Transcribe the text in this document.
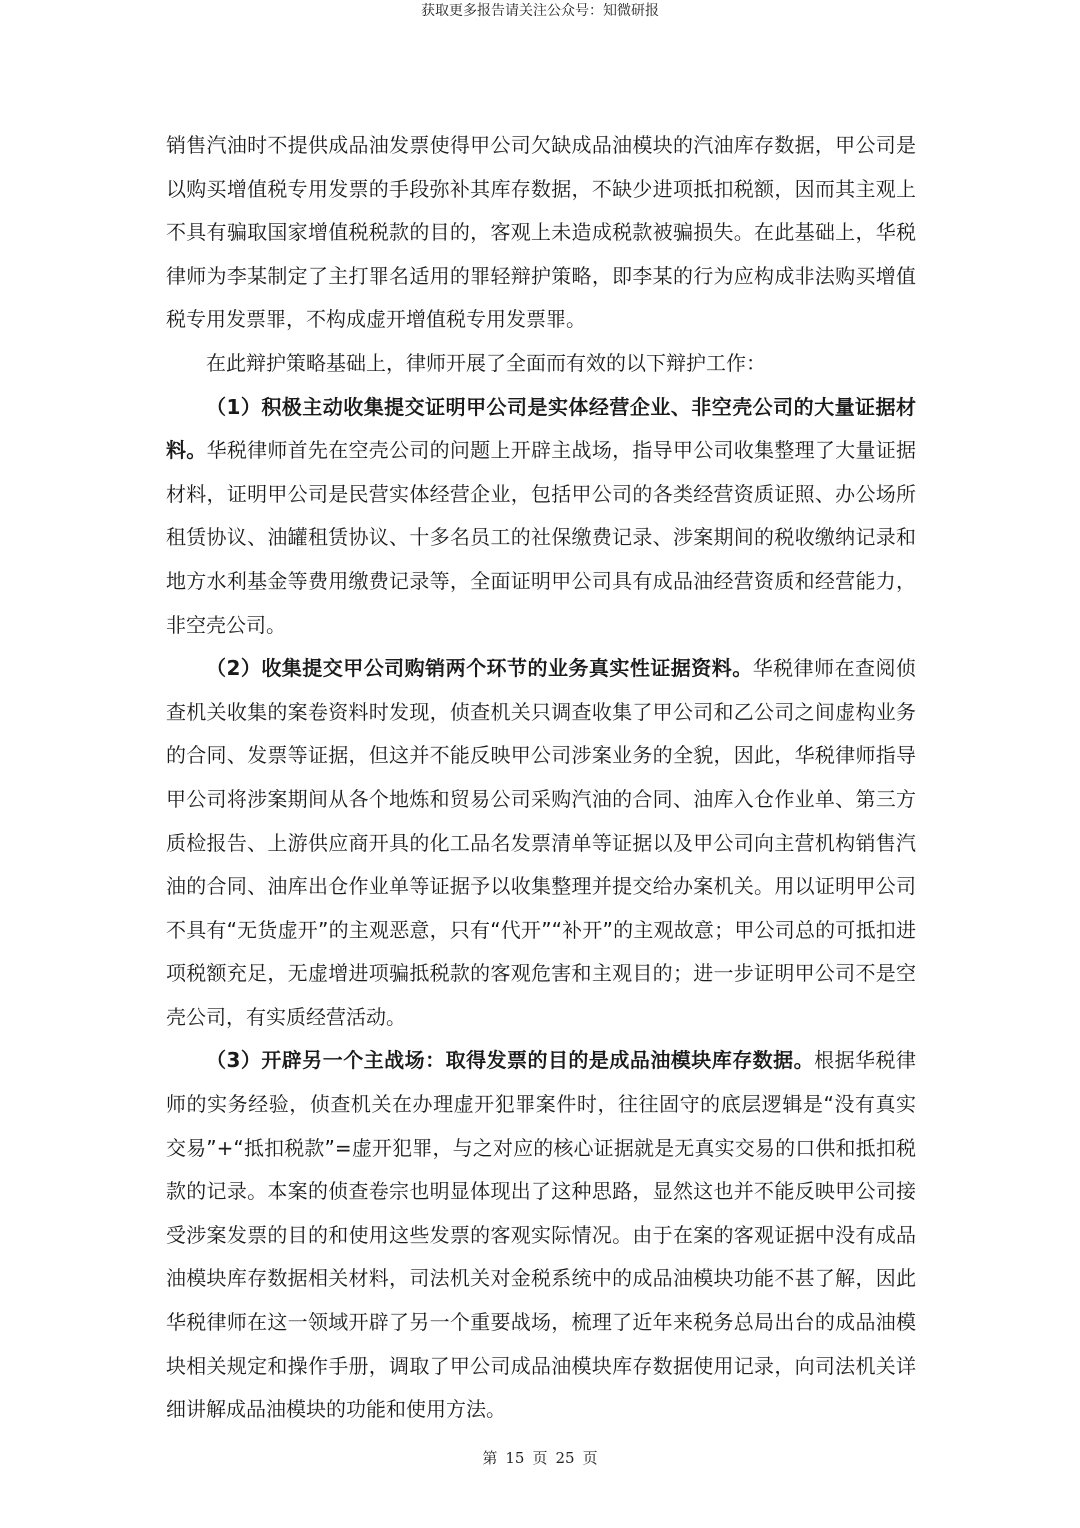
获取更多报告请关注公众号：知微研报

销售汽油时不提供成品油发票使得甲公司欠缺成品油模块的汽油库存数据，甲公司是以购买增值税专用发票的手段弥补其库存数据，不缺少进项抵扣税额，因而其主观上不具有骗取国家增值税税款的目的，客观上未造成税款被骗损失。在此基础上，华税律师为李某制定了主打罪名适用的罪轻辩护策略，即李某的行为应构成非法购买增值税专用发票罪，不构成虚开增值税专用发票罪。

在此辩护策略基础上，律师开展了全面而有效的以下辩护工作：

（1）积极主动收集提交证明甲公司是实体经营企业、非空壳公司的大量证据材料。华税律师首先在空壳公司的问题上开辟主战场，指导甲公司收集整理了大量证据材料，证明甲公司是民营实体经营企业，包括甲公司的各类经营资质证照、办公场所租赁协议、油罐租赁协议、十多名员工的社保缴费记录、涉案期间的税收缴纳记录和地方水利基金等费用缴费记录等，全面证明甲公司具有成品油经营资质和经营能力，非空壳公司。

（2）收集提交甲公司购销两个环节的业务真实性证据资料。华税律师在查阅侦查机关收集的案卷资料时发现，侦查机关只调查收集了甲公司和乙公司之间虚构业务的合同、发票等证据，但这并不能反映甲公司涉案业务的全貌，因此，华税律师指导甲公司将涉案期间从各个地炼和贸易公司采购汽油的合同、油库入仓作业单、第三方质检报告、上游供应商开具的化工品名发票清单等证据以及甲公司向主营机构销售汽油的合同、油库出仓作业单等证据予以收集整理并提交给办案机关。用以证明甲公司不具有“无货虚开”的主观恶意，只有“代开”“补开”的主观故意；甲公司总的可抵扣进项税额充足，无虚增进项骗抵税款的客观危害和主观目的；进一步证明甲公司不是空壳公司，有实质经营活动。

（3）开辟另一个主战场：取得发票的目的是成品油模块库存数据。根据华税律师的实务经验，侦查机关在办理虚开犯罪案件时，往往固守的底层逻辑是“没有真实交易”+“抵扣税款”=虚开犯罪，与之对应的核心证据就是无真实交易的口供和抵扣税款的记录。本案的侦查卷宗也明显体现出了这种思路，显然这也并不能反映甲公司接受涉案发票的目的和使用这些发票的客观实际情况。由于在案的客观证据中没有成品油模块库存数据相关材料，司法机关对金税系统中的成品油模块功能不甚了解，因此华税律师在这一领域开辟了另一个重要战场，梳理了近年来税务总局出台的成品油模块相关规定和操作手册，调取了甲公司成品油模块库存数据使用记录，向司法机关详细讲解成品油模块的功能和使用方法。

第 15 页 25 页
